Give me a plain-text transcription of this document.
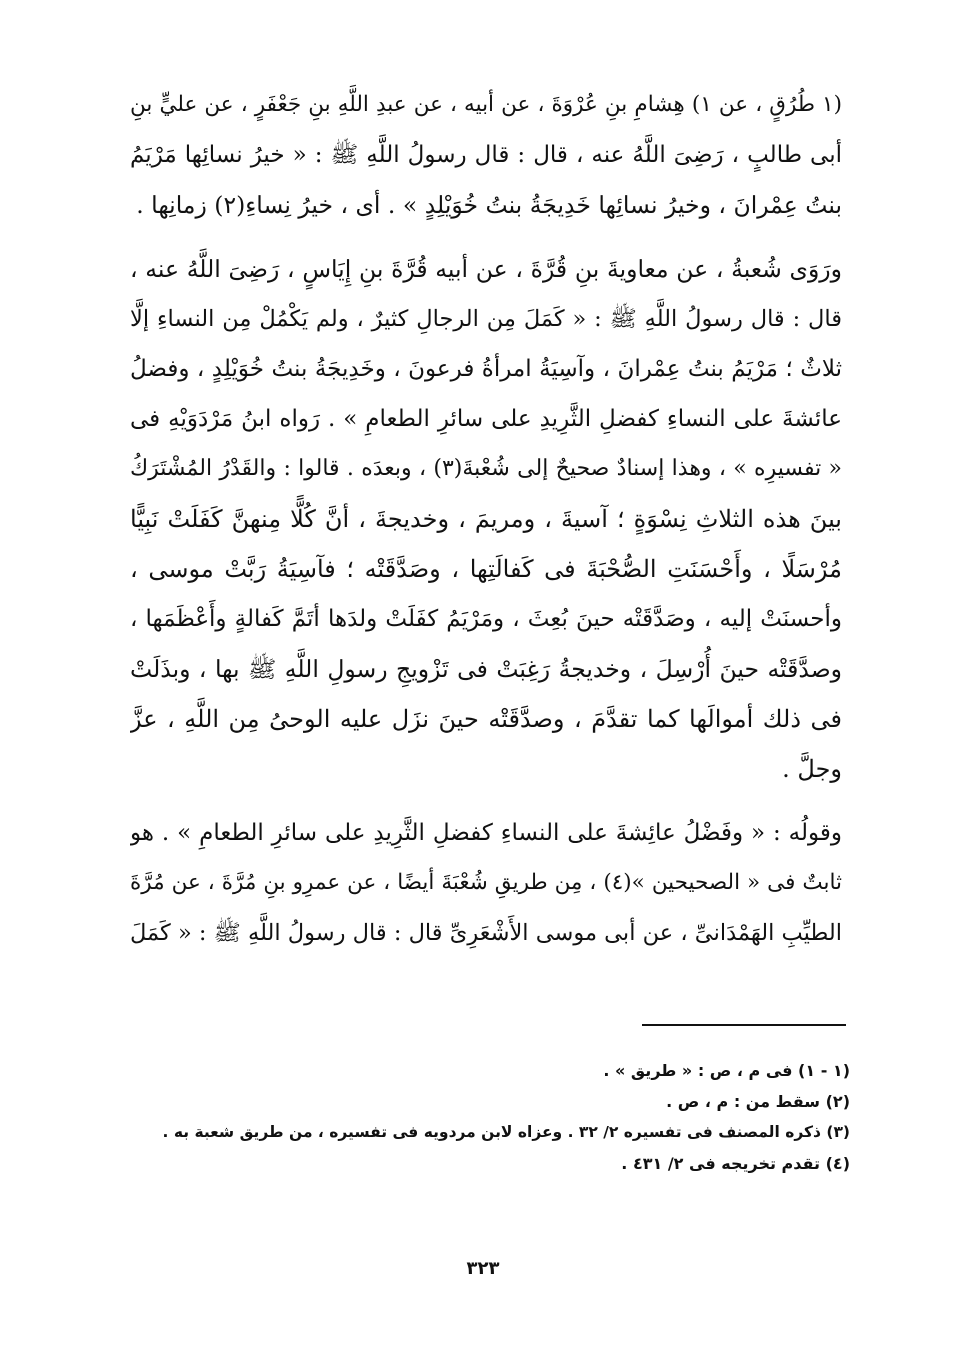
(١ طُرُقٍ ، عن ١) هِشامِ بنِ عُرْوَةَ ، عن أبيه ، عن عبدِ اللَّهِ بنِ جَعْفَرٍ ، عن عليٍّ بنِ
أبى طالبٍ ، رَضِىَ اللَّهُ عنه ، قال : قال رسولُ اللَّهِ ﷺ : « خيرُ نسائِها مَرْيَمُ
بنتُ عِمْرانَ ، وخيرُ نسائِها خَدِيجَةُ بنتُ خُوَيْلِدٍ » . أى ، خيرُ نِساءِ(٢) زمانِها .
ورَوَى شُعبةُ ، عن معاويةَ بنِ قُرَّةَ ، عن أبيه قُرَّةَ بنِ إِيَاسٍ ، رَضِىَ اللَّهُ عنه ،
قال : قال رسولُ اللَّهِ ﷺ : « كَمَلَ مِن الرجالِ كثيرٌ ، ولم يَكْمُلْ مِن النساءِ إلَّا
ثلاثٌ ؛ مَرْيَمُ بنتُ عِمْرانَ ، وآسِيَةُ امرأةُ فرعونَ ، وخَدِيجَةُ بنتُ خُوَيْلِدٍ ، وفضلُ
عائشةَ على النساءِ كفضلِ الثَّرِيدِ على سائرِ الطعامِ » . رَواه ابنُ مَرْدَوَيْهِ فى
« تفسيرِه » ، وهذا إسنادٌ صحيحٌ إلى شُعْبةَ(٣) ، وبعدَه . قالوا : والقَدْرُ المُشْتَرَكُ
بينَ هذه الثلاثِ نِسْوَةٍ ؛ آسيةَ ، ومريمَ ، وخديجةَ ، أنَّ كُلًّا مِنهنَّ كَفَلَتْ نَبِيًّا
مُرْسَلًا ، وأَحْسَنَتِ الصُّحْبَةَ فى كَفالَتِها ، وصَدَّقَتْه ؛ فآسِيَةُ رَبَّتْ موسى ،
وأحسنَتْ إليه ، وصَدَّقَتْه حينَ بُعِثَ ، ومَرْيَمُ كفَلَتْ ولدَها أتَمَّ كَفالةٍ وأَعْظَمَها ،
وصدَّقَتْه حينَ أُرْسِلَ ، وخديجةُ رَغِبَتْ فى تَزْويجِ رسولِ اللَّهِ ﷺ بها ، وبذَلَتْ
فى ذلك أموالَها كما تقدَّمَ ، وصدَّقَتْه حينَ نزَل عليه الوحىُ مِن اللَّهِ ، عزَّ
وجلَّ .
وقولُه : « وفَضْلُ عائِشةَ على النساءِ كفضلِ الثَّرِيدِ على سائرِ الطعامِ » . هو
ثابتٌ فى « الصحيحين »(٤) ، مِن طريقِ شُعْبَةَ أيضًا ، عن عمرِو بنِ مُرَّةَ ، عن مُرَّةَ
الطيِّبِ الهَمْدَانىِّ ، عن أبى موسى الأَشْعَرِىِّ قال : قال رسولُ اللَّهِ ﷺ : « كَمَلَ
(١ - ١) فى م ، ص : « طريق » .
(٢) سقط من : م ، ص .
(٣) ذكره المصنف فى تفسيره ٢/ ٣٢ . وعزاه لابن مردويه فى تفسيره ، من طريق شعبة به .
(٤) تقدم تخريجه فى ٢/ ٤٣١ .
٣٢٣
